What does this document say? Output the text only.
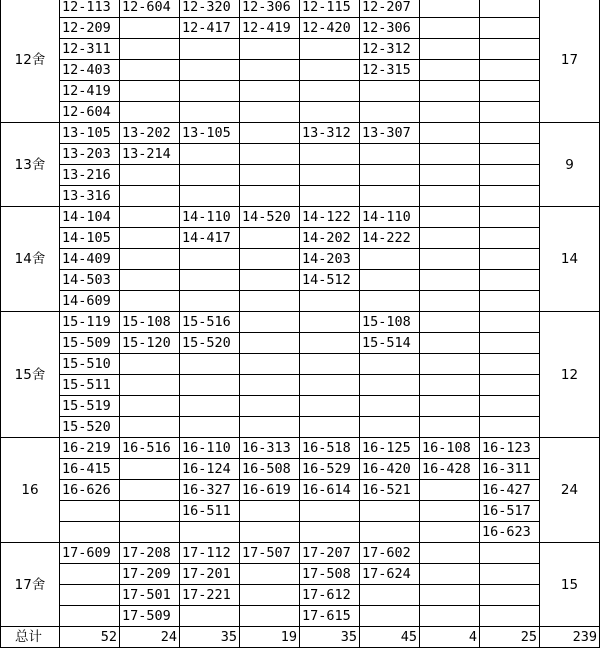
12舍	12-113	12-604	12-320	12-306	12-115	12-207			17
	12-209		12-417	12-419	12-420	12-306			
	12-311					12-312			
	12-403					12-315			
	12-419								
	12-604								
13舍	13-105	13-202	13-105		13-312	13-307			9
	13-203	13-214							
	13-216								
	13-316								
14舍	14-104		14-110	14-520	14-122	14-110			14
	14-105		14-417		14-202	14-222			
	14-409				14-203				
	14-503				14-512				
	14-609								
15舍	15-119	15-108	15-516			15-108			12
	15-509	15-120	15-520			15-514			
	15-510								
	15-511								
	15-519								
	15-520								
16	16-219	16-516	16-110	16-313	16-518	16-125	16-108	16-123	24
	16-415		16-124	16-508	16-529	16-420	16-428	16-311	
	16-626		16-327	16-619	16-614	16-521		16-427	
			16-511					16-517	
								16-623	
17舍	17-609	17-208	17-112	17-507	17-207	17-602			15
		17-209	17-201		17-508	17-624			
		17-501	17-221		17-612				
		17-509			17-615				
总计	52	24	35	19	35	45	4	25	239
